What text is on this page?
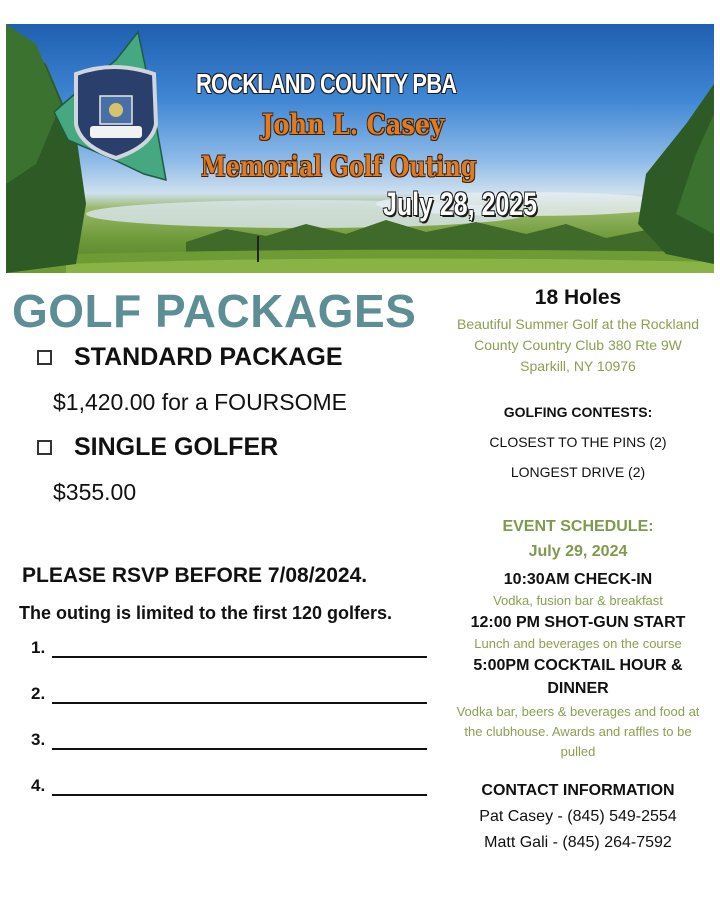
ROCKLAND COUNTY PBA
John L. Casey
Memorial Golf Outing
July 28, 2025
GOLF PACKAGES
STANDARD PACKAGE
$1,420.00 for a FOURSOME
SINGLE GOLFER
$355.00
PLEASE RSVP BEFORE 7/08/2024.
The outing is limited to the first 120 golfers.
1.
2.
3.
4.
18 Holes
Beautiful Summer Golf at the Rockland
County Country Club 380 Rte 9W
Sparkill, NY 10976
GOLFING CONTESTS:
CLOSEST TO THE PINS (2)
LONGEST DRIVE (2)
EVENT SCHEDULE:
July 29, 2024
10:30AM CHECK-IN
Vodka, fusion bar & breakfast
12:00 PM SHOT-GUN START
Lunch and beverages on the course
5:00PM COCKTAIL HOUR &
DINNER
Vodka bar, beers & beverages and food at
the clubhouse. Awards and raffles to be
pulled
CONTACT INFORMATION
Pat Casey - (845) 549-2554
Matt Gali - (845) 264-7592
